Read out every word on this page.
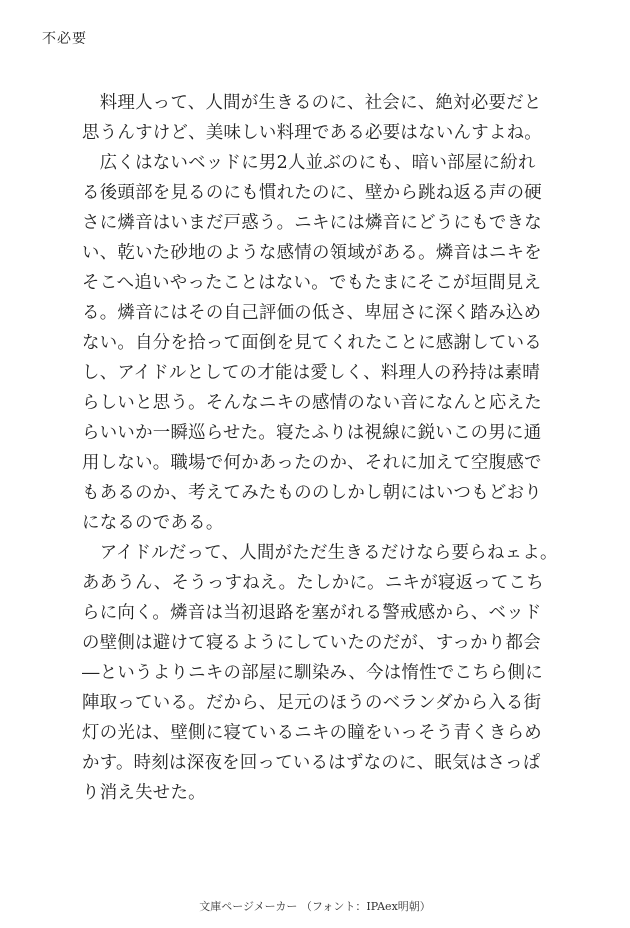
不必要
　料理人って、人間が生きるのに、社会に、絶対必要だと
思うんすけど、美味しい料理である必要はないんすよね。
　広くはないベッドに男2人並ぶのにも、暗い部屋に紛れ
る後頭部を見るのにも慣れたのに、壁から跳ね返る声の硬
さに燐音はいまだ戸惑う。ニキには燐音にどうにもできな
い、乾いた砂地のような感情の領域がある。燐音はニキを
そこへ追いやったことはない。でもたまにそこが垣間見え
る。燐音にはその自己評価の低さ、卑屈さに深く踏み込め
ない。自分を拾って面倒を見てくれたことに感謝している
し、アイドルとしての才能は愛しく、料理人の矜持は素晴
らしいと思う。そんなニキの感情のない音になんと応えた
らいいか一瞬巡らせた。寝たふりは視線に鋭いこの男に通
用しない。職場で何かあったのか、それに加えて空腹感で
もあるのか、考えてみたもののしかし朝にはいつもどおり
になるのである。
　アイドルだって、人間がただ生きるだけなら要らねェよ。
ああうん、そうっすねえ。たしかに。ニキが寝返ってこち
らに向く。燐音は当初退路を塞がれる警戒感から、ベッド
の壁側は避けて寝るようにしていたのだが、すっかり都会
―というよりニキの部屋に馴染み、今は惰性でこちら側に
陣取っている。だから、足元のほうのベランダから入る街
灯の光は、壁側に寝ているニキの瞳をいっそう青くきらめ
かす。時刻は深夜を回っているはずなのに、眠気はさっぱ
り消え失せた。
文庫ページメーカー （フォント：IPAex明朝）
